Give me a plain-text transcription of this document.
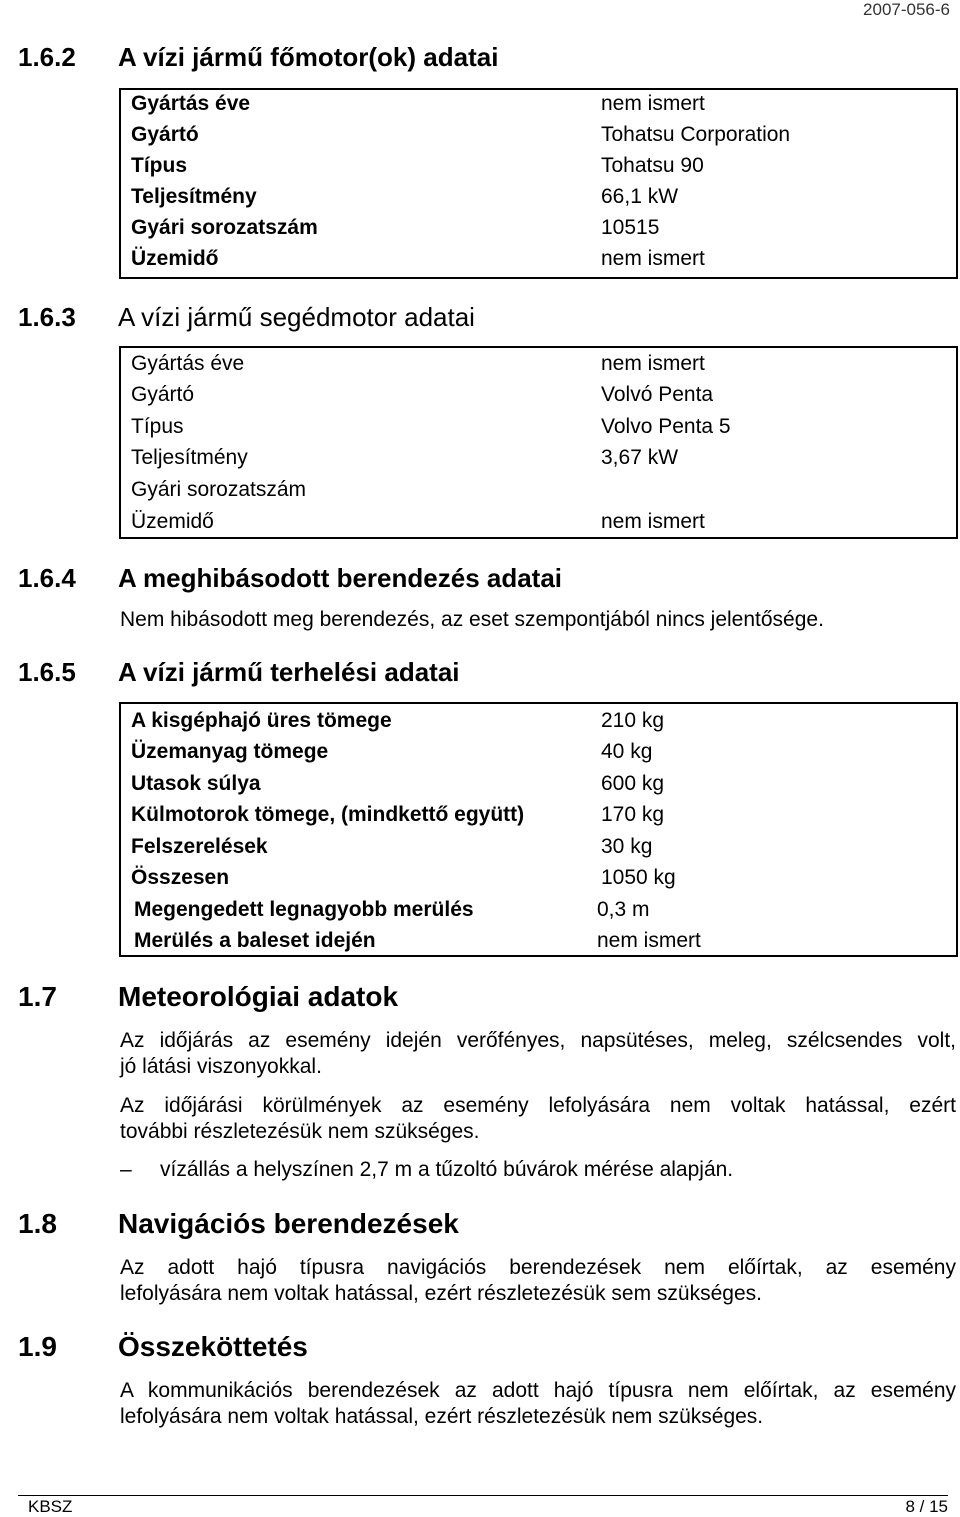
2007-056-6
1.6.2 A vízi jármű főmotor(ok) adatai
Gyártás éve	nem ismert
Gyártó	Tohatsu Corporation
Típus	Tohatsu 90
Teljesítmény	66,1 kW
Gyári sorozatszám	10515
Üzemidő	nem ismert
1.6.3 A vízi jármű segédmotor adatai
Gyártás éve	nem ismert
Gyártó	Volvó Penta
Típus	Volvo Penta 5
Teljesítmény	3,67 kW
Gyári sorozatszám
Üzemidő	nem ismert
1.6.4 A meghibásodott berendezés adatai
Nem hibásodott meg berendezés, az eset szempontjából nincs jelentősége.
1.6.5 A vízi jármű terhelési adatai
A kisgéphajó üres tömege	210 kg
Üzemanyag tömege	40 kg
Utasok súlya	600 kg
Külmotorok tömege, (mindkettő együtt)	170 kg
Felszerelések	30 kg
Összesen	1050 kg
Megengedett legnagyobb merülés	0,3 m
Merülés a baleset idején	nem ismert
1.7 Meteorológiai adatok
Az időjárás az esemény idején verőfényes, napsütéses, meleg, szélcsendes volt,
jó látási viszonyokkal.
Az időjárási körülmények az esemény lefolyására nem voltak hatással, ezért
további részletezésük nem szükséges.
– vízállás a helyszínen 2,7 m a tűzoltó búvárok mérése alapján.
1.8 Navigációs berendezések
Az adott hajó típusra navigációs berendezések nem előírtak, az esemény
lefolyására nem voltak hatással, ezért részletezésük sem szükséges.
1.9 Összeköttetés
A kommunikációs berendezések az adott hajó típusra nem előírtak, az esemény
lefolyására nem voltak hatással, ezért részletezésük nem szükséges.
KBSZ	8 / 15
